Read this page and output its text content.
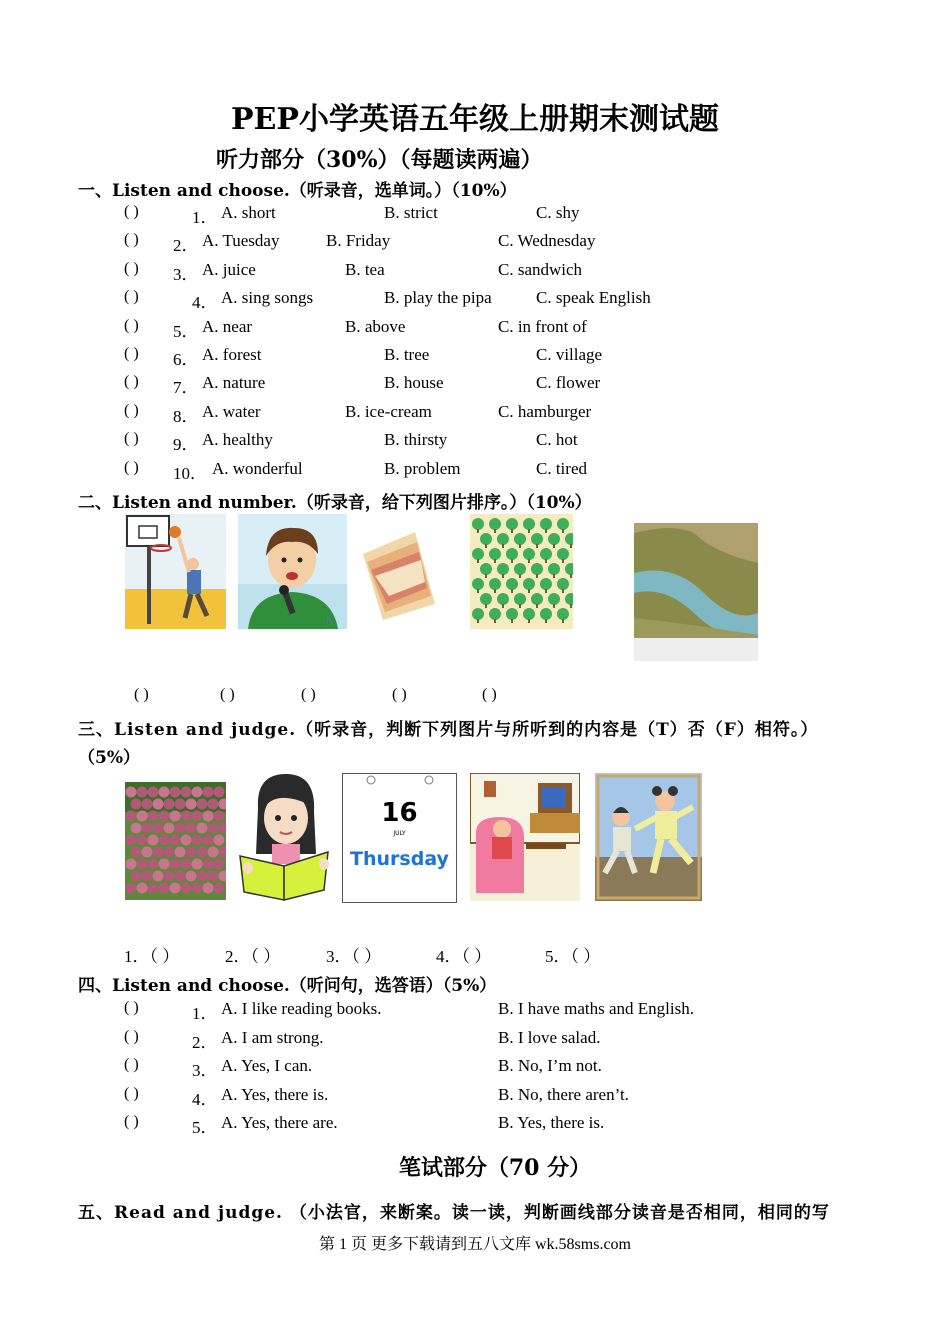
PEP小学英语五年级上册期末测试题
听力部分（30%）（每题读两遍）
一、Listen and choose.（听录音，选单词。）（10%）
( )	1． A. short	B. strict	C. shy
( ) 2． A. Tuesday	B. Friday	C. Wednesday
( ) 3． A. juice	B. tea	C. sandwich
( )	4． A. sing songs	B. play the pipa	C. speak English
( ) 5． A. near	B. above	C. in front of
( ) 6． A. forest	B. tree	C. village
( ) 7． A. nature	B. house	C. flower
( ) 8． A. water	B. ice-cream	C. hamburger
( ) 9． A. healthy	B. thirsty	C. hot
( ) 10． A. wonderful	B. problem	C. tired
二、Listen and number.（听录音，给下列图片排序。）（10%）
JI
( )	( )	( )	( )	( )
三、Listen and judge.（听录音，判断下列图片与所听到的内容是（T）否（F）相符。）
（5%）
16
JULY
Thursday
1．（ ）	2．（ ）	3．（ ）	4．（ ）	5．（ ）
四、Listen and choose.（听问句，选答语）（5%）
( )	1． A. I like reading books.	B. I have maths and English.
( )	2． A. I am strong.	B. I love salad.
( )	3． A. Yes, I can.	B. No, I’m not.
( )	4． A. Yes, there is.	B. No, there aren’t.
( )	5． A. Yes, there are.	B. Yes, there is.
笔试部分（70 分）
五、Read and judge. （小法官，来断案。读一读，判断画线部分读音是否相同，相同的写
第 1 页 更多下载请到五八文库 wk.58sms.com
